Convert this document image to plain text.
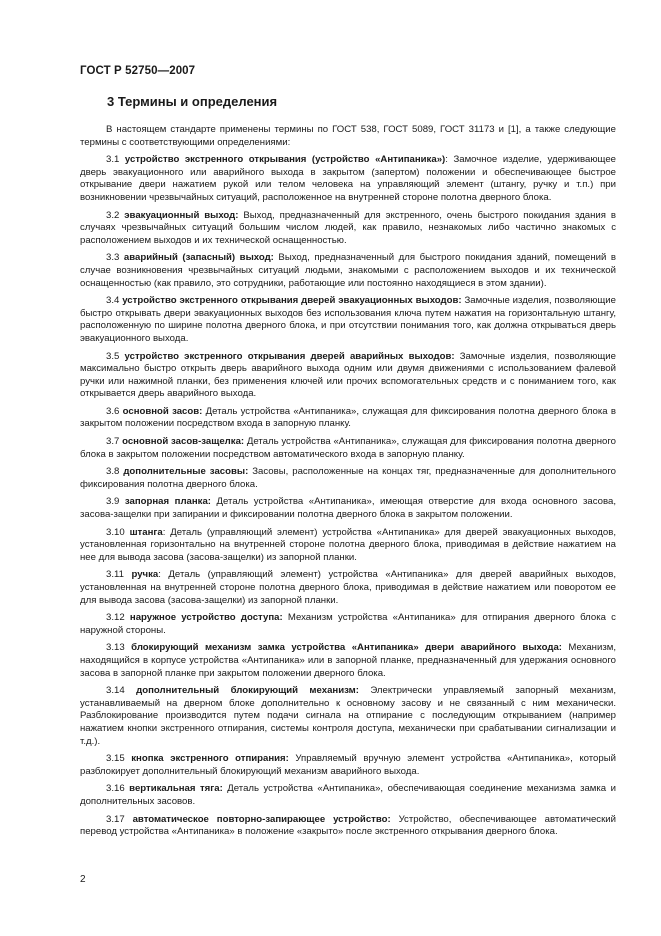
ГОСТ Р 52750—2007
3 Термины и определения

В настоящем стандарте применены термины по ГОСТ 538, ГОСТ 5089, ГОСТ 31173 и [1], а также следующие термины с соответствующими определениями:

3.1 устройство экстренного открывания (устройство «Антипаника»): Замочное изделие, удерживающее дверь эвакуационного или аварийного выхода в закрытом (запертом) положении и обеспечивающее быстрое открывание двери нажатием рукой или телом человека на управляющий элемент (штангу, ручку и т.п.) при возникновении чрезвычайных ситуаций, расположенное на внутренней стороне полотна дверного блока.

3.2 эвакуационный выход: Выход, предназначенный для экстренного, очень быстрого покидания здания в случаях чрезвычайных ситуаций большим числом людей, как правило, незнакомых либо частично знакомых с расположением выходов и их технической оснащенностью.

3.3 аварийный (запасный) выход: Выход, предназначенный для быстрого покидания зданий, помещений в случае возникновения чрезвычайных ситуаций людьми, знакомыми с расположением выходов и их технической оснащенностью (как правило, это сотрудники, работающие или постоянно находящиеся в этом здании).

3.4 устройство экстренного открывания дверей эвакуационных выходов: Замочные изделия, позволяющие быстро открывать двери эвакуационных выходов без использования ключа путем нажатия на горизонтальную штангу, расположенную по ширине полотна дверного блока, и при отсутствии понимания того, как должна открываться дверь эвакуационного выхода.

3.5 устройство экстренного открывания дверей аварийных выходов: Замочные изделия, позволяющие максимально быстро открыть дверь аварийного выхода одним или двумя движениями с использованием фалевой ручки или нажимной планки, без применения ключей или прочих вспомогательных средств и с пониманием того, как открывается дверь аварийного выхода.

3.6 основной засов: Деталь устройства «Антипаника», служащая для фиксирования полотна дверного блока в закрытом положении посредством входа в запорную планку.

3.7 основной засов-защелка: Деталь устройства «Антипаника», служащая для фиксирования полотна дверного блока в закрытом положении посредством автоматического входа в запорную планку.

3.8 дополнительные засовы: Засовы, расположенные на концах тяг, предназначенные для дополнительного фиксирования полотна дверного блока.

3.9 запорная планка: Деталь устройства «Антипаника», имеющая отверстие для входа основного засова, засова-защелки при запирании и фиксировании полотна дверного блока в закрытом положении.

3.10 штанга: Деталь (управляющий элемент) устройства «Антипаника» для дверей эвакуационных выходов, установленная горизонтально на внутренней стороне полотна дверного блока, приводимая в действие нажатием на нее для вывода засова (засова-защелки) из запорной планки.

3.11 ручка: Деталь (управляющий элемент) устройства «Антипаника» для дверей аварийных выходов, установленная на внутренней стороне полотна дверного блока, приводимая в действие нажатием или поворотом ее для вывода засова (засова-защелки) из запорной планки.

3.12 наружное устройство доступа: Механизм устройства «Антипаника» для отпирания дверного блока с наружной стороны.

3.13 блокирующий механизм замка устройства «Антипаника» двери аварийного выхода: Механизм, находящийся в корпусе устройства «Антипаника» или в запорной планке, предназначенный для удержания основного засова в запорной планке при закрытом положении дверного блока.

3.14 дополнительный блокирующий механизм: Электрически управляемый запорный механизм, устанавливаемый на дверном блоке дополнительно к основному засову и не связанный с ним механически. Разблокирование производится путем подачи сигнала на отпирание с последующим открыванием (например нажатием кнопки экстренного отпирания, системы контроля доступа, механически при срабатывании сигнализации и т.д.).

3.15 кнопка экстренного отпирания: Управляемый вручную элемент устройства «Антипаника», который разблокирует дополнительный блокирующий механизм аварийного выхода.

3.16 вертикальная тяга: Деталь устройства «Антипаника», обеспечивающая соединение механизма замка и дополнительных засовов.

3.17 автоматическое повторно-запирающее устройство: Устройство, обеспечивающее автоматический перевод устройства «Антипаника» в положение «закрыто» после экстренного открывания дверного блока.

2
